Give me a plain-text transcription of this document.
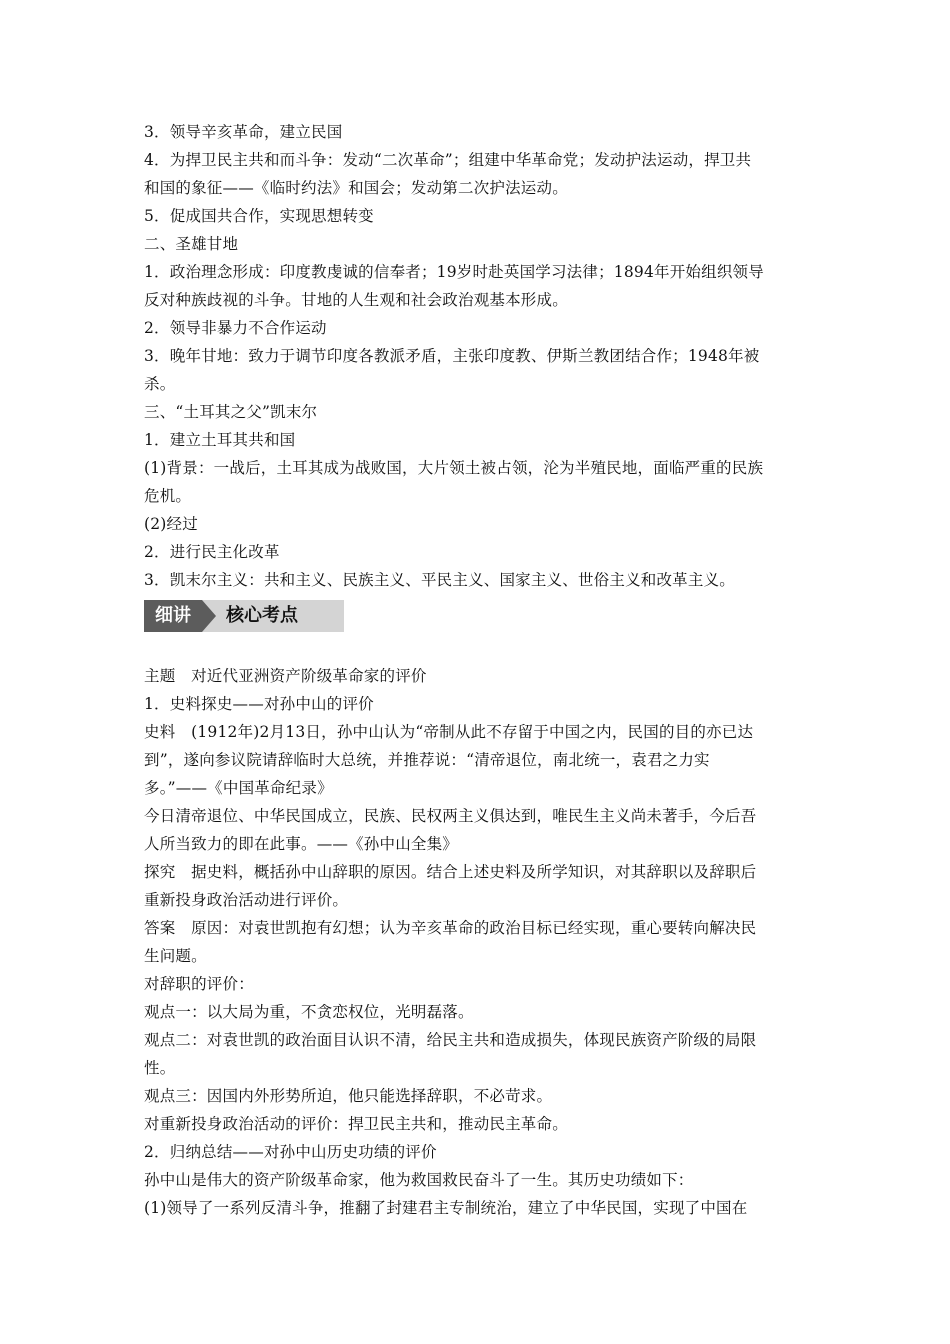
3．领导辛亥革命，建立民国
4．为捍卫民主共和而斗争：发动“二次革命”；组建中华革命党；发动护法运动，捍卫共
和国的象征——《临时约法》和国会；发动第二次护法运动。
5．促成国共合作，实现思想转变
二、圣雄甘地
1．政治理念形成：印度教虔诚的信奉者；19岁时赴英国学习法律；1894年开始组织领导
反对种族歧视的斗争。甘地的人生观和社会政治观基本形成。
2．领导非暴力不合作运动
3．晚年甘地：致力于调节印度各教派矛盾，主张印度教、伊斯兰教团结合作；1948年被
杀。
三、“土耳其之父”凯末尔
1．建立土耳其共和国
(1)背景：一战后，土耳其成为战败国，大片领土被占领，沦为半殖民地，面临严重的民族
危机。
(2)经过
2．进行民主化改革
3．凯末尔主义：共和主义、民族主义、平民主义、国家主义、世俗主义和改革主义。
细讲	核心考点
主题　对近代亚洲资产阶级革命家的评价
1．史料探史——对孙中山的评价
史料　(1912年)2月13日，孙中山认为“帝制从此不存留于中国之内，民国的目的亦已达
到”，遂向参议院请辞临时大总统，并推荐说：“清帝退位，南北统一，袁君之力实
多。”——《中国革命纪录》
今日清帝退位、中华民国成立，民族、民权两主义俱达到，唯民生主义尚未著手，今后吾
人所当致力的即在此事。——《孙中山全集》
探究　据史料，概括孙中山辞职的原因。结合上述史料及所学知识，对其辞职以及辞职后
重新投身政治活动进行评价。
答案　原因：对袁世凯抱有幻想；认为辛亥革命的政治目标已经实现，重心要转向解决民
生问题。
对辞职的评价：
观点一：以大局为重，不贪恋权位，光明磊落。
观点二：对袁世凯的政治面目认识不清，给民主共和造成损失，体现民族资产阶级的局限
性。
观点三：因国内外形势所迫，他只能选择辞职，不必苛求。
对重新投身政治活动的评价：捍卫民主共和，推动民主革命。
2．归纳总结——对孙中山历史功绩的评价
孙中山是伟大的资产阶级革命家，他为救国救民奋斗了一生。其历史功绩如下：
(1)领导了一系列反清斗争，推翻了封建君主专制统治，建立了中华民国，实现了中国在
